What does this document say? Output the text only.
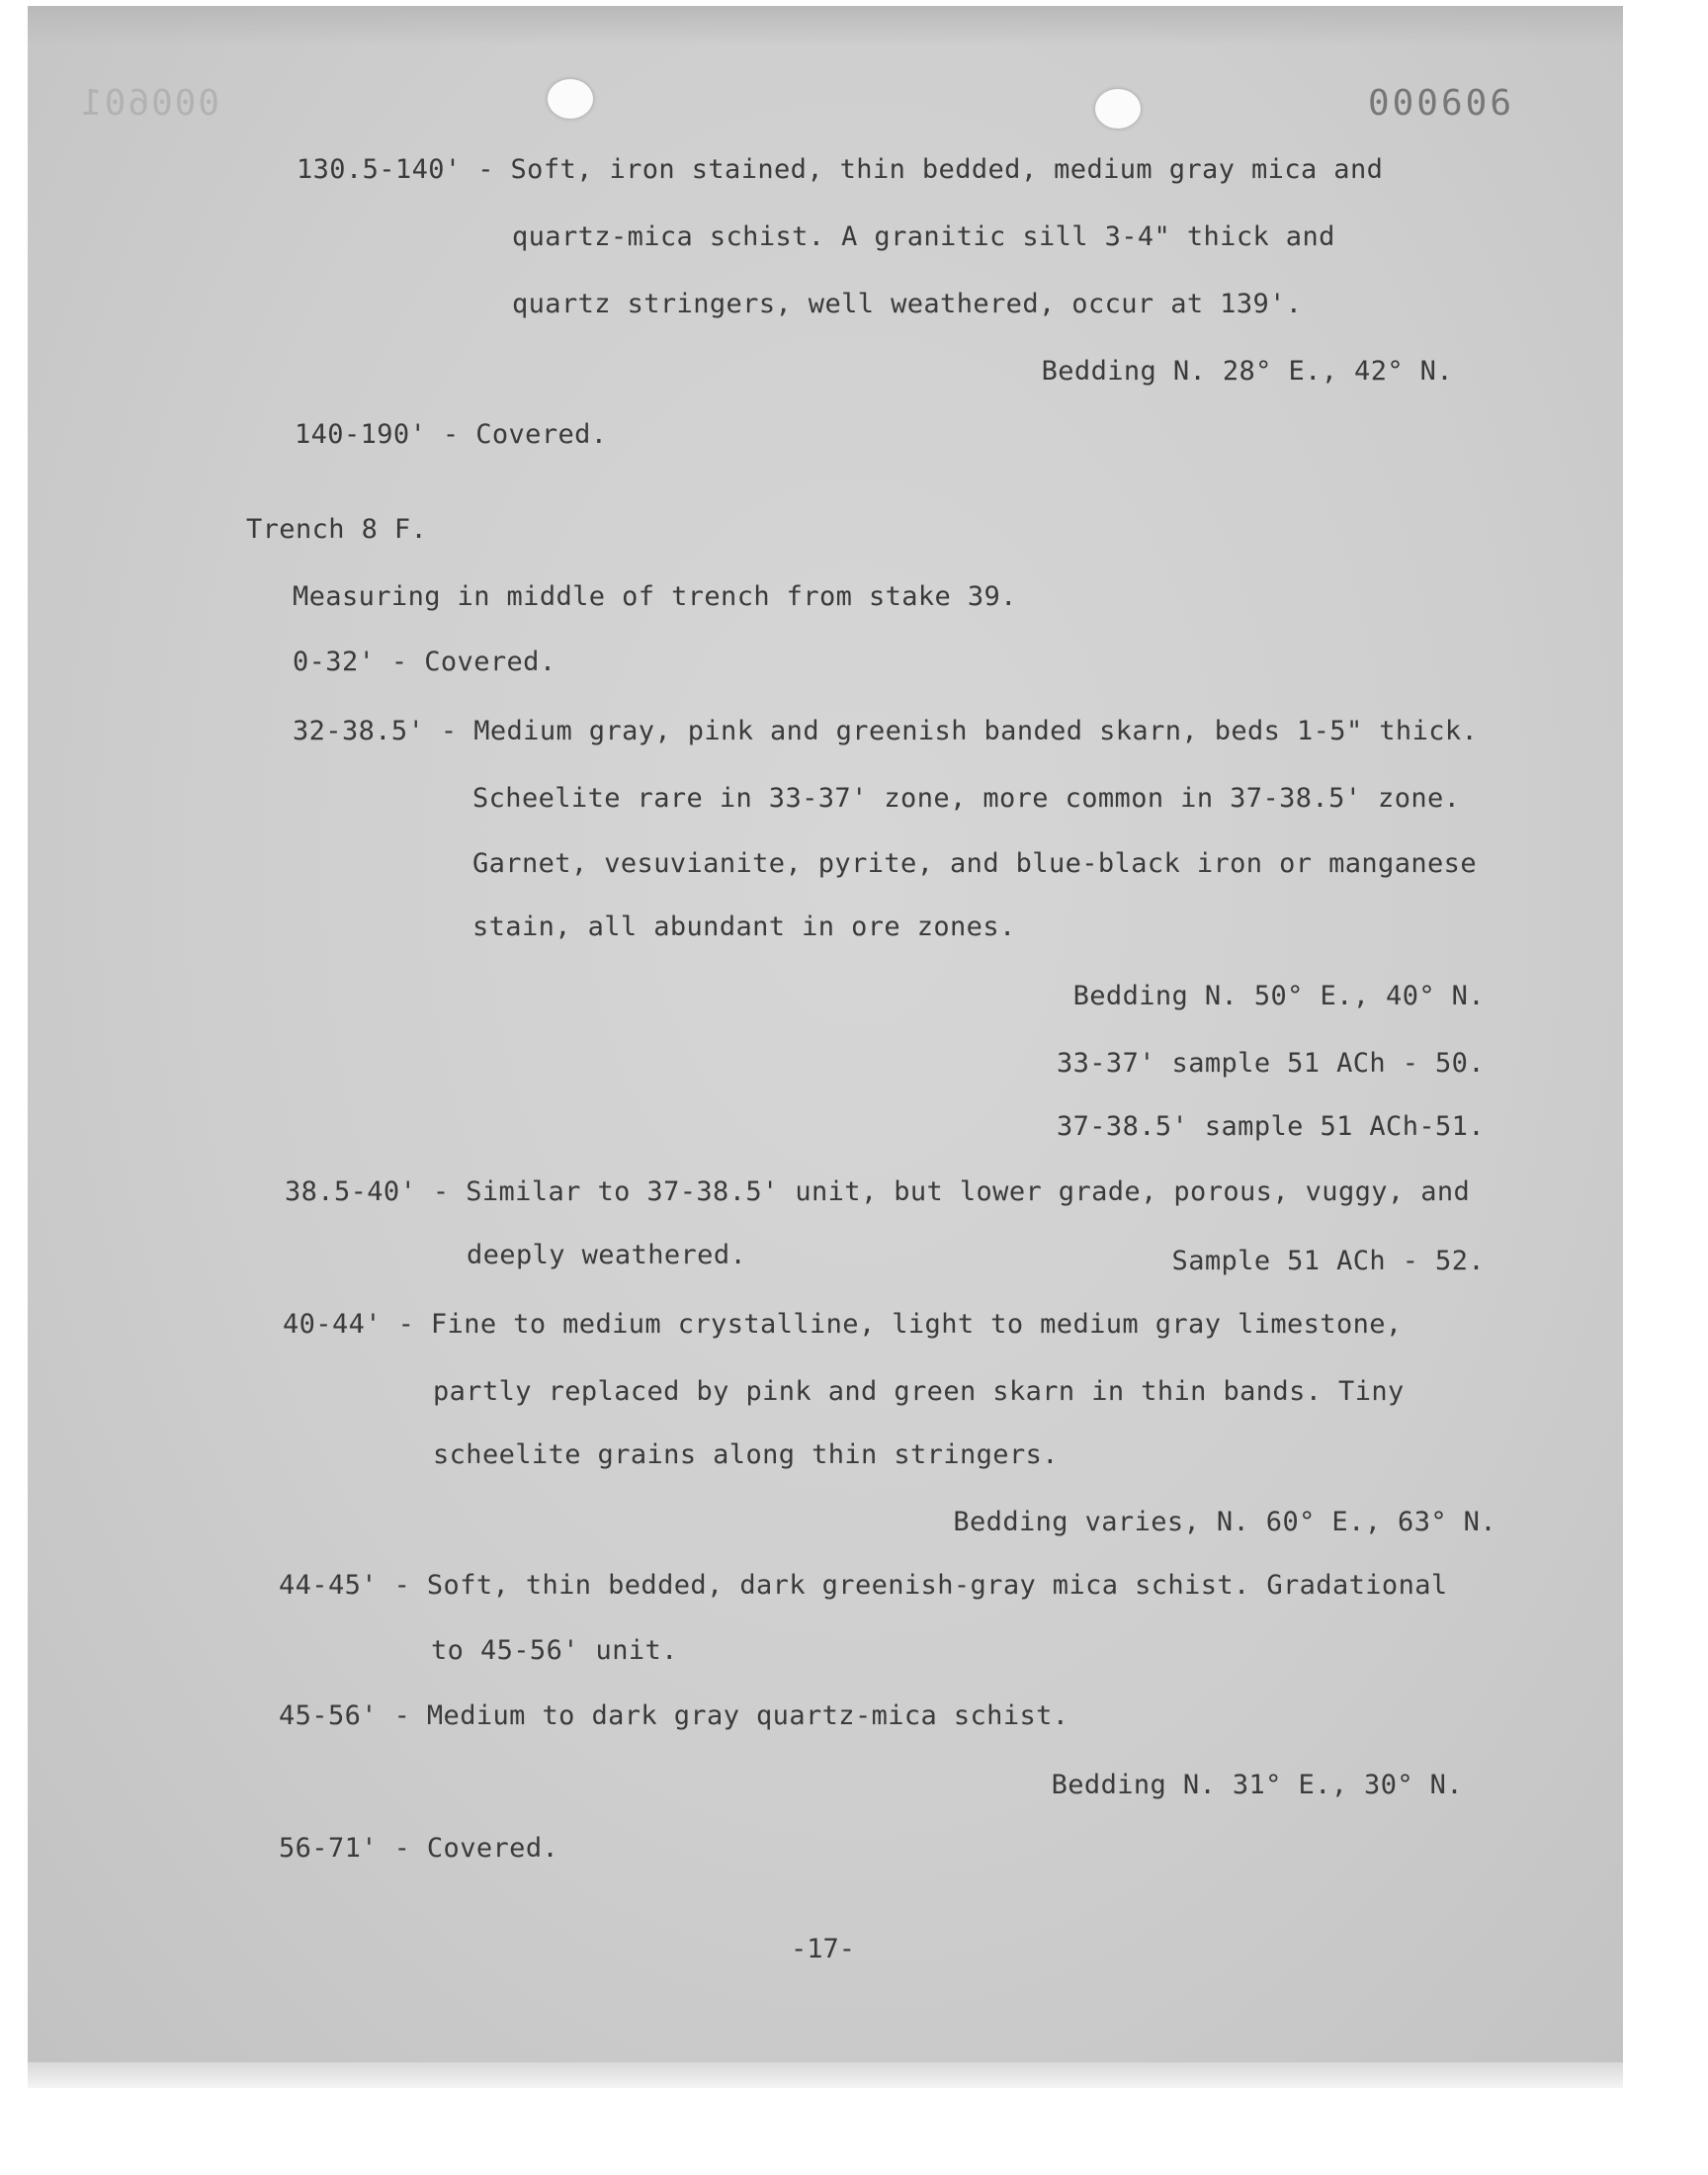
000601	000606
130.5-140' - Soft, iron stained, thin bedded, medium gray mica and
quartz-mica schist. A granitic sill 3-4" thick and
quartz stringers, well weathered, occur at 139'.
Bedding N. 28° E., 42° N.
140-190' - Covered.
Trench 8 F.
Measuring in middle of trench from stake 39.
0-32' - Covered.
32-38.5' - Medium gray, pink and greenish banded skarn, beds 1-5" thick.
Scheelite rare in 33-37' zone, more common in 37-38.5' zone.
Garnet, vesuvianite, pyrite, and blue-black iron or manganese
stain, all abundant in ore zones.
Bedding N. 50° E., 40° N.
33-37' sample 51 ACh - 50.
37-38.5' sample 51 ACh-51.
38.5-40' - Similar to 37-38.5' unit, but lower grade, porous, vuggy, and
deeply weathered.	Sample 51 ACh - 52.
40-44' - Fine to medium crystalline, light to medium gray limestone,
partly replaced by pink and green skarn in thin bands. Tiny
scheelite grains along thin stringers.
Bedding varies, N. 60° E., 63° N.
44-45' - Soft, thin bedded, dark greenish-gray mica schist. Gradational
to 45-56' unit.
45-56' - Medium to dark gray quartz-mica schist.
Bedding N. 31° E., 30° N.
56-71' - Covered.
-17-
